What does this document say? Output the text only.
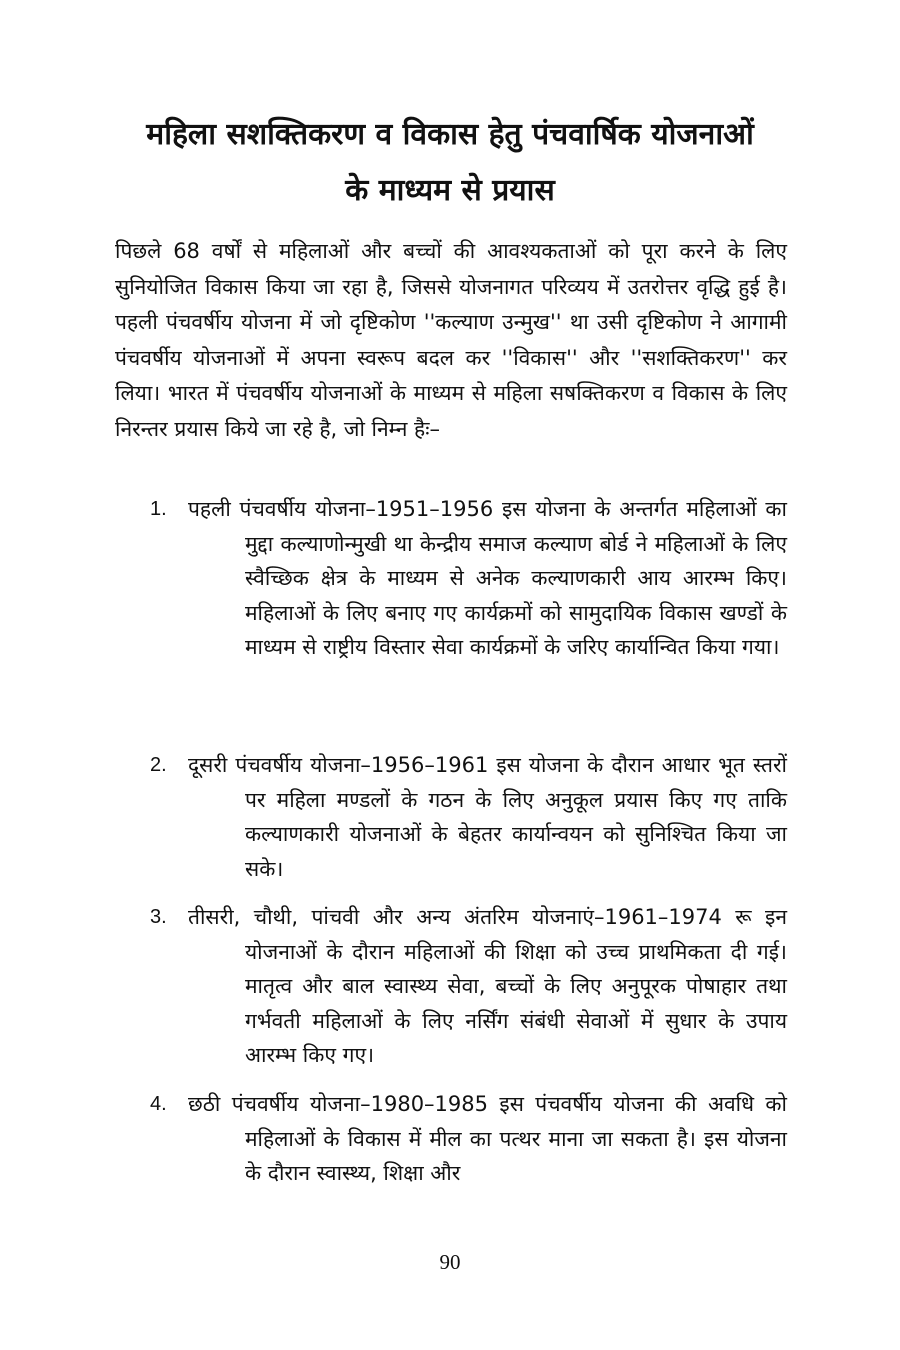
महिला सशक्तिकरण व विकास हेतु पंचवार्षिक योजनाओं
के माध्यम से प्रयास

पिछले 68 वर्षों से महिलाओं और बच्चों की आवश्यकताओं को पूरा करने के लिए सुनियोजित विकास किया जा रहा है, जिससे योजनागत परिव्यय में उतरोत्तर वृद्धि हुई है। पहली पंचवर्षीय योजना में जो दृष्टिकोण ''कल्याण उन्मुख'' था उसी दृष्टिकोण ने आगामी पंचवर्षीय योजनाओं में अपना स्वरूप बदल कर ''विकास'' और ''सशक्तिकरण'' कर लिया। भारत में पंचवर्षीय योजनाओं के माध्यम से महिला सषक्तिकरण व विकास के लिए निरन्तर प्रयास किये जा रहे है, जो निम्न हैः–

1. पहली पंचवर्षीय योजना–1951–1956 इस योजना के अन्तर्गत महिलाओं का मुद्दा कल्याणोन्मुखी था केन्द्रीय समाज कल्याण बोर्ड ने महिलाओं के लिए स्वैच्छिक क्षेत्र के माध्यम से अनेक कल्याणकारी आय आरम्भ किए। महिलाओं के लिए बनाए गए कार्यक्रमों को सामुदायिक विकास खण्डों के माध्यम से राष्ट्रीय विस्तार सेवा कार्यक्रमों के जरिए कार्यान्वित किया गया।

2. दूसरी पंचवर्षीय योजना–1956–1961 इस योजना के दौरान आधार भूत स्तरों पर महिला मण्डलों के गठन के लिए अनुकूल प्रयास किए गए ताकि कल्याणकारी योजनाओं के बेहतर कार्यान्वयन को सुनिश्चित किया जा सके।

3. तीसरी, चौथी, पांचवी और अन्य अंतरिम योजनाएं–1961–1974 रू इन योजनाओं के दौरान महिलाओं की शिक्षा को उच्च प्राथमिकता दी गई। मातृत्व और बाल स्वास्थ्य सेवा, बच्चों के लिए अनुपूरक पोषाहार तथा गर्भवती महिलाओं के लिए नर्सिंग संबंधी सेवाओं में सुधार के उपाय आरम्भ किए गए।

4. छठी पंचवर्षीय योजना–1980–1985 इस पंचवर्षीय योजना की अवधि को महिलाओं के विकास में मील का पत्थर माना जा सकता है। इस योजना के दौरान स्वास्थ्य, शिक्षा और

90
